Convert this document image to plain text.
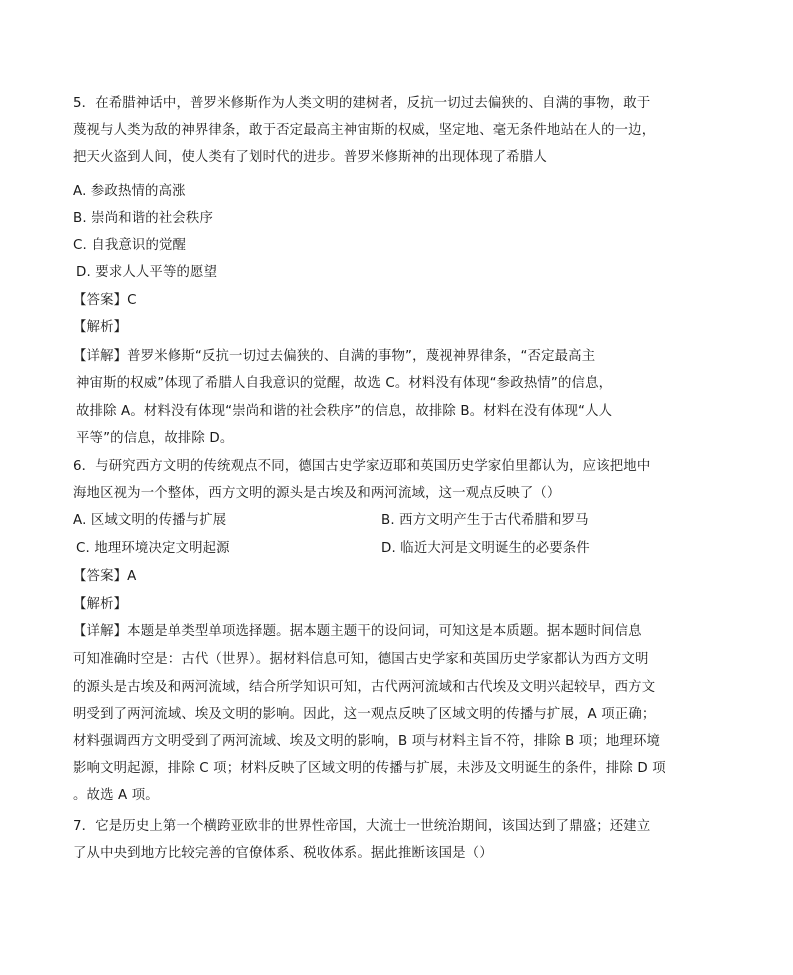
5．在希腊神话中，普罗米修斯作为人类文明的建树者，反抗一切过去偏狭的、自满的事物，敢于
蔑视与人类为敌的神界律条，敢于否定最高主神宙斯的权威，坚定地、毫无条件地站在人的一边，
把天火盗到人间，使人类有了划时代的进步。普罗米修斯神的出现体现了希腊人
A. 参政热情的高涨
B. 崇尚和谐的社会秩序
C. 自我意识的觉醒
D. 要求人人平等的愿望
【答案】C
【解析】
【详解】普罗米修斯“反抗一切过去偏狭的、自满的事物”，蔑视神界律条，“否定最高主
神宙斯的权威”体现了希腊人自我意识的觉醒，故选 C。材料没有体现“参政热情”的信息，
故排除 A。材料没有体现“崇尚和谐的社会秩序”的信息，故排除 B。材料在没有体现“人人
平等”的信息，故排除 D。
6．与研究西方文明的传统观点不同，德国古史学家迈耶和英国历史学家伯里都认为，应该把地中
海地区视为一个整体，西方文明的源头是古埃及和两河流域，这一观点反映了（）
A. 区域文明的传播与扩展	B. 西方文明产生于古代希腊和罗马
C. 地理环境决定文明起源	D. 临近大河是文明诞生的必要条件
【答案】A
【解析】
【详解】本题是单类型单项选择题。据本题主题干的设问词，可知这是本质题。据本题时间信息
可知准确时空是：古代（世界）。据材料信息可知，德国古史学家和英国历史学家都认为西方文明
的源头是古埃及和两河流域，结合所学知识可知，古代两河流域和古代埃及文明兴起较早，西方文
明受到了两河流域、埃及文明的影响。因此，这一观点反映了区域文明的传播与扩展，A 项正确；
材料强调西方文明受到了两河流域、埃及文明的影响，B 项与材料主旨不符，排除 B 项；地理环境
影响文明起源，排除 C 项；材料反映了区域文明的传播与扩展，未涉及文明诞生的条件，排除 D 项
。故选 A 项。
7．它是历史上第一个横跨亚欧非的世界性帝国，大流士一世统治期间，该国达到了鼎盛；还建立
了从中央到地方比较完善的官僚体系、税收体系。据此推断该国是（）
